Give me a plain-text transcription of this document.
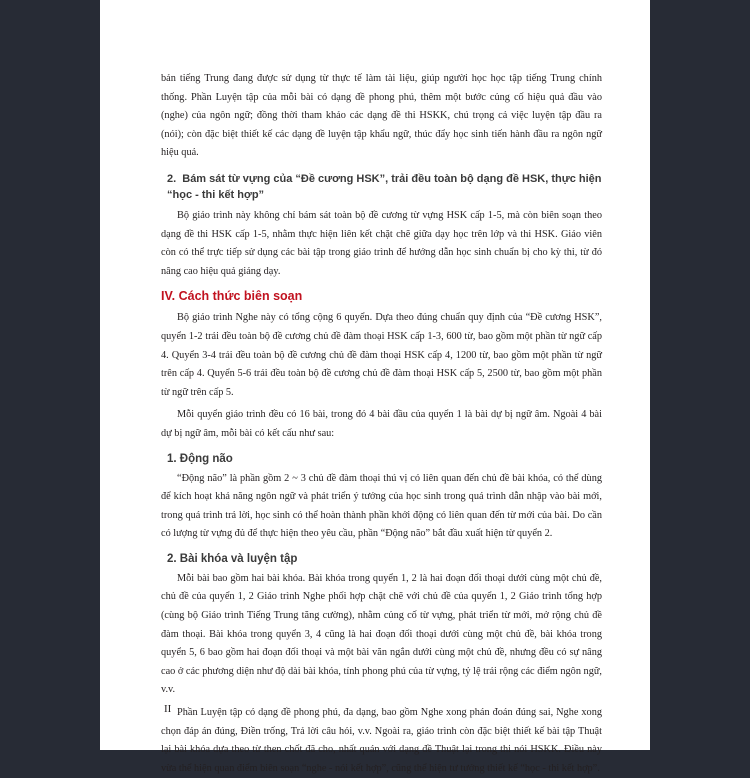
bản tiếng Trung đang được sử dụng từ thực tế làm tài liệu, giúp người học học tập tiếng Trung chính thống. Phần Luyện tập của mỗi bài có dạng đề phong phú, thêm một bước củng cố hiệu quả đầu vào (nghe) của ngôn ngữ; đồng thời tham khảo các dạng đề thi HSKK, chú trọng cả việc luyện tập đầu ra (nói); còn đặc biệt thiết kế các dạng đề luyện tập khẩu ngữ, thúc đẩy học sinh tiến hành đầu ra ngôn ngữ hiệu quả.

2. Bám sát từ vựng của “Đề cương HSK”, trải đều toàn bộ dạng đề HSK, thực hiện “học - thi kết hợp”

Bộ giáo trình này không chỉ bám sát toàn bộ đề cương từ vựng HSK cấp 1-5, mà còn biên soạn theo dạng đề thi HSK cấp 1-5, nhằm thực hiện liên kết chặt chẽ giữa dạy học trên lớp và thi HSK. Giáo viên còn có thể trực tiếp sử dụng các bài tập trong giáo trình để hướng dẫn học sinh chuẩn bị cho kỳ thi, từ đó nâng cao hiệu quả giảng dạy.

IV. Cách thức biên soạn

Bộ giáo trình Nghe này có tổng cộng 6 quyển. Dựa theo đúng chuẩn quy định của “Đề cương HSK”, quyển 1-2 trải đều toàn bộ đề cương chủ đề đàm thoại HSK cấp 1-3, 600 từ, bao gồm một phần từ ngữ cấp 4. Quyển 3-4 trải đều toàn bộ đề cương chủ đề đàm thoại HSK cấp 4, 1200 từ, bao gồm một phần từ ngữ trên cấp 4. Quyển 5-6 trải đều toàn bộ đề cương chủ đề đàm thoại HSK cấp 5, 2500 từ, bao gồm một phần từ ngữ trên cấp 5.

Mỗi quyển giáo trình đều có 16 bài, trong đó 4 bài đầu của quyển 1 là bài dự bị ngữ âm. Ngoài 4 bài dự bị ngữ âm, mỗi bài có kết cấu như sau:

1. Động não

“Động não” là phần gồm 2 ~ 3 chủ đề đàm thoại thú vị có liên quan đến chủ đề bài khóa, có thể dùng để kích hoạt khả năng ngôn ngữ và phát triển ý tưởng của học sinh trong quá trình dẫn nhập vào bài mới, trong quá trình trả lời, học sinh có thể hoàn thành phần khởi động có liên quan đến từ mới của bài. Do cần có lượng từ vựng đủ để thực hiện theo yêu cầu, phần “Động não” bắt đầu xuất hiện từ quyển 2.

2. Bài khóa và luyện tập

Mỗi bài bao gồm hai bài khóa. Bài khóa trong quyển 1, 2 là hai đoạn đối thoại dưới cùng một chủ đề, chủ đề của quyển 1, 2 Giáo trình Nghe phối hợp chặt chẽ với chủ đề của quyển 1, 2 Giáo trình tổng hợp (cùng bộ Giáo trình Tiếng Trung tăng cường), nhằm củng cố từ vựng, phát triển từ mới, mở rộng chủ đề đàm thoại. Bài khóa trong quyển 3, 4 cũng là hai đoạn đối thoại dưới cùng một chủ đề, bài khóa trong quyển 5, 6 bao gồm hai đoạn đối thoại và một bài văn ngắn dưới cùng một chủ đề, nhưng đều có sự nâng cao ở các phương diện như độ dài bài khóa, tính phong phú của từ vựng, tỷ lệ trải rộng các điểm ngôn ngữ, v.v.

Phần Luyện tập có dạng đề phong phú, đa dạng, bao gồm Nghe xong phán đoán đúng sai, Nghe xong chọn đáp án đúng, Điền trống, Trả lời câu hỏi, v.v. Ngoài ra, giáo trình còn đặc biệt thiết kế bài tập Thuật lại bài khóa dựa theo từ then chốt đã cho, nhất quán với dạng đề Thuật lại trong thi nói HSKK. Điều này vừa thể hiện quan điểm biên soạn “nghe - nói kết hợp”, cũng thể hiện tư tưởng thiết kế “học - thi kết hợp”.

II
